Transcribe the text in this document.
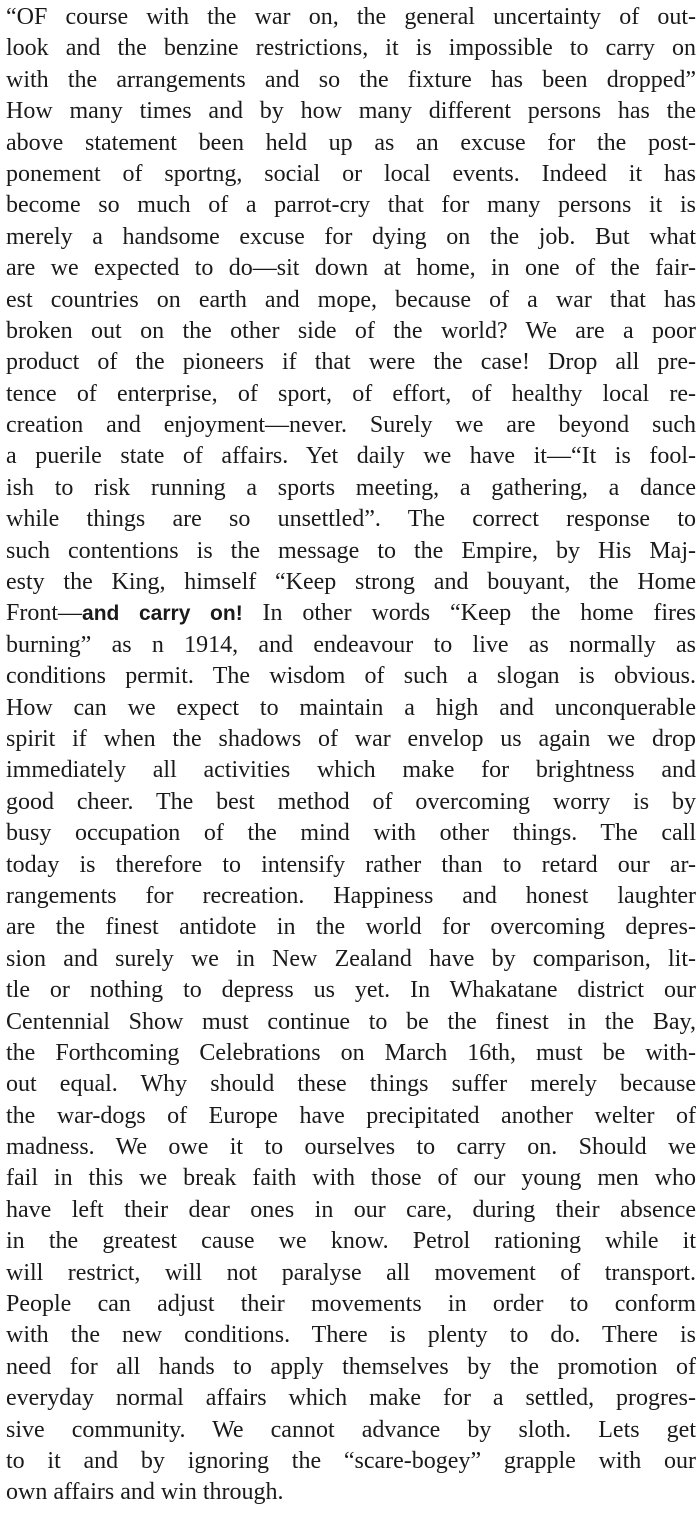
“OF course with the war on, the general uncertainty of out-
look and the benzine restrictions, it is impossible to carry on
with the arrangements and so the fixture has been dropped”
How many times and by how many different persons has the
above statement been held up as an excuse for the post-
ponement of sportng, social or local events. Indeed it has
become so much of a parrot-cry that for many persons it is
merely a handsome excuse for dying on the job. But what
are we expected to do—sit down at home, in one of the fair-
est countries on earth and mope, because of a war that has
broken out on the other side of the world? We are a poor
product of the pioneers if that were the case! Drop all pre-
tence of enterprise, of sport, of effort, of healthy local re-
creation and enjoyment—never. Surely we are beyond such
a puerile state of affairs. Yet daily we have it—“It is fool-
ish to risk running a sports meeting, a gathering, a dance
while things are so unsettled”. The correct response to
such contentions is the message to the Empire, by His Maj-
esty the King, himself “Keep strong and bouyant, the Home
Front—and carry on! In other words “Keep the home fires
burning” as n 1914, and endeavour to live as normally as
conditions permit. The wisdom of such a slogan is obvious.
How can we expect to maintain a high and unconquerable
spirit if when the shadows of war envelop us again we drop
immediately all activities which make for brightness and
good cheer. The best method of overcoming worry is by
busy occupation of the mind with other things. The call
today is therefore to intensify rather than to retard our ar-
rangements for recreation. Happiness and honest laughter
are the finest antidote in the world for overcoming depres-
sion and surely we in New Zealand have by comparison, lit-
tle or nothing to depress us yet. In Whakatane district our
Centennial Show must continue to be the finest in the Bay,
the Forthcoming Celebrations on March 16th, must be with-
out equal. Why should these things suffer merely because
the war-dogs of Europe have precipitated another welter of
madness. We owe it to ourselves to carry on. Should we
fail in this we break faith with those of our young men who
have left their dear ones in our care, during their absence
in the greatest cause we know. Petrol rationing while it
will restrict, will not paralyse all movement of transport.
People can adjust their movements in order to conform
with the new conditions. There is plenty to do. There is
need for all hands to apply themselves by the promotion of
everyday normal affairs which make for a settled, progres-
sive community. We cannot advance by sloth. Lets get
to it and by ignoring the “scare-bogey” grapple with our
own affairs and win through.
